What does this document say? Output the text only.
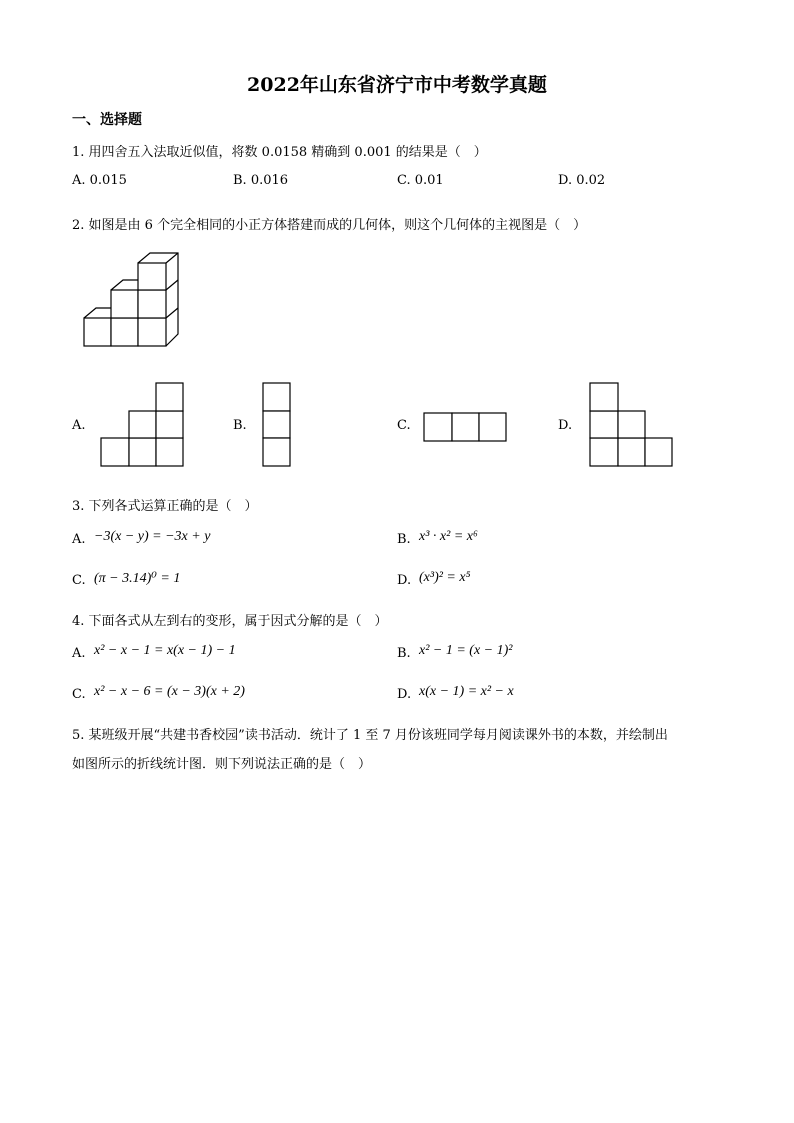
2022年山东省济宁市中考数学真题
一、选择题
1. 用四舍五入法取近似值，将数 0.0158 精确到 0.001 的结果是（　）
A. 0.015	B. 0.016	C. 0.01	D. 0.02
2. 如图是由 6 个完全相同的小正方体搭建而成的几何体，则这个几何体的主视图是（　）
A.	B.	C.	D.
3. 下列各式运算正确的是（　）
A. −3(x − y) = −3x + y	B. x³ · x² = x⁶
C. (π − 3.14)⁰ = 1	D. (x³)² = x⁵
4. 下面各式从左到右的变形，属于因式分解的是（　）
A. x² − x − 1 = x(x − 1) − 1	B. x² − 1 = (x − 1)²
C. x² − x − 6 = (x − 3)(x + 2)	D. x(x − 1) = x² − x
5. 某班级开展“共建书香校园”读书活动．统计了 1 至 7 月份该班同学每月阅读课外书的本数，并绘制出
如图所示的折线统计图．则下列说法正确的是（　）
